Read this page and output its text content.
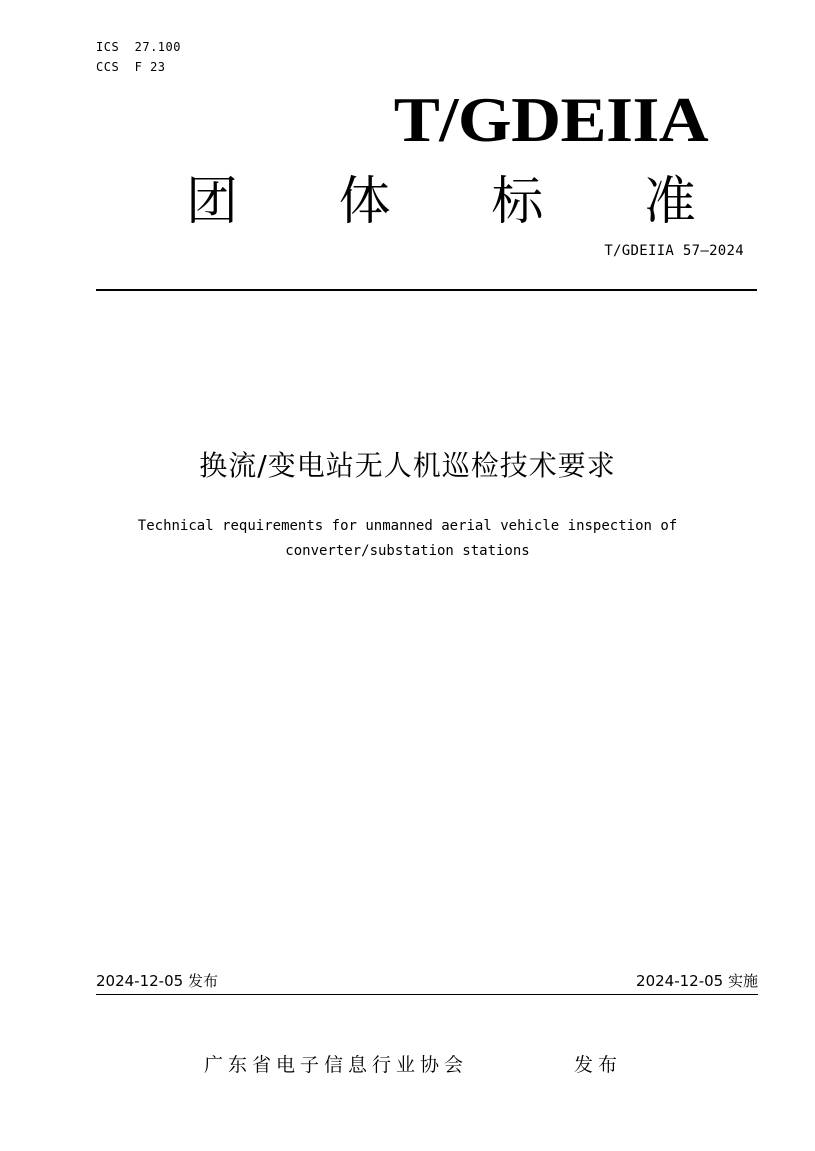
ICS  27.100
CCS  F 23
T/GDEIIA
团 体 标 准
T/GDEIIA 57—2024
换流/变电站无人机巡检技术要求
Technical requirements for unmanned aerial vehicle inspection of
converter/substation stations
2024-12-05 发布	2024-12-05 实施
广东省电子信息行业协会	发布
